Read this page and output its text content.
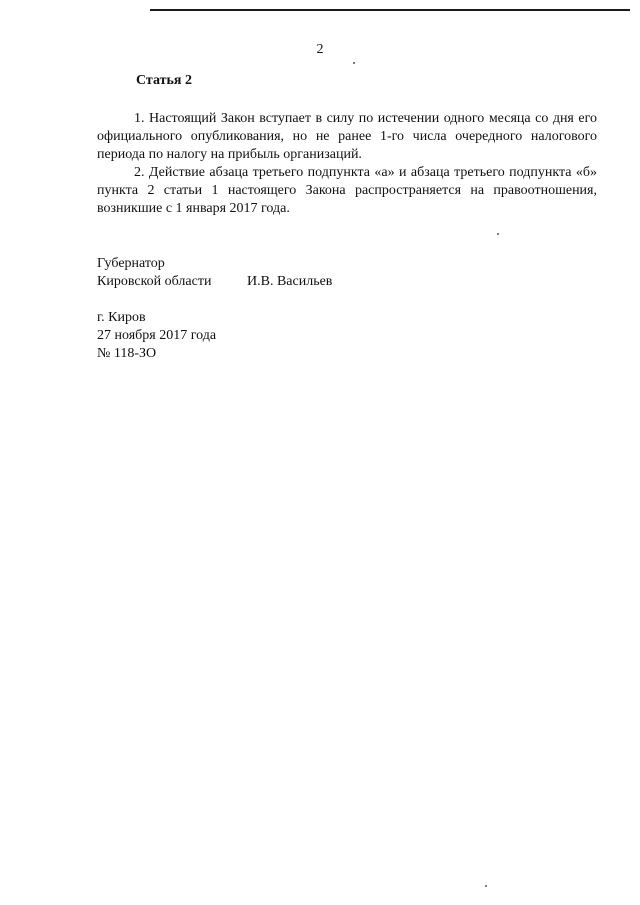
2
Статья 2

1. Настоящий Закон вступает в силу по истечении одного месяца со дня его официального опубликования, но не ранее 1-го числа очередного налогового периода по налогу на прибыль организаций.

2. Действие абзаца третьего подпункта «а» и абзаца третьего подпункта «б» пункта 2 статьи 1 настоящего Закона распространяется на правоотношения, возникшие с 1 января 2017 года.

Губернатор
Кировской области	И.В. Васильев
г. Киров
27 ноября 2017 года
№ 118-ЗО
